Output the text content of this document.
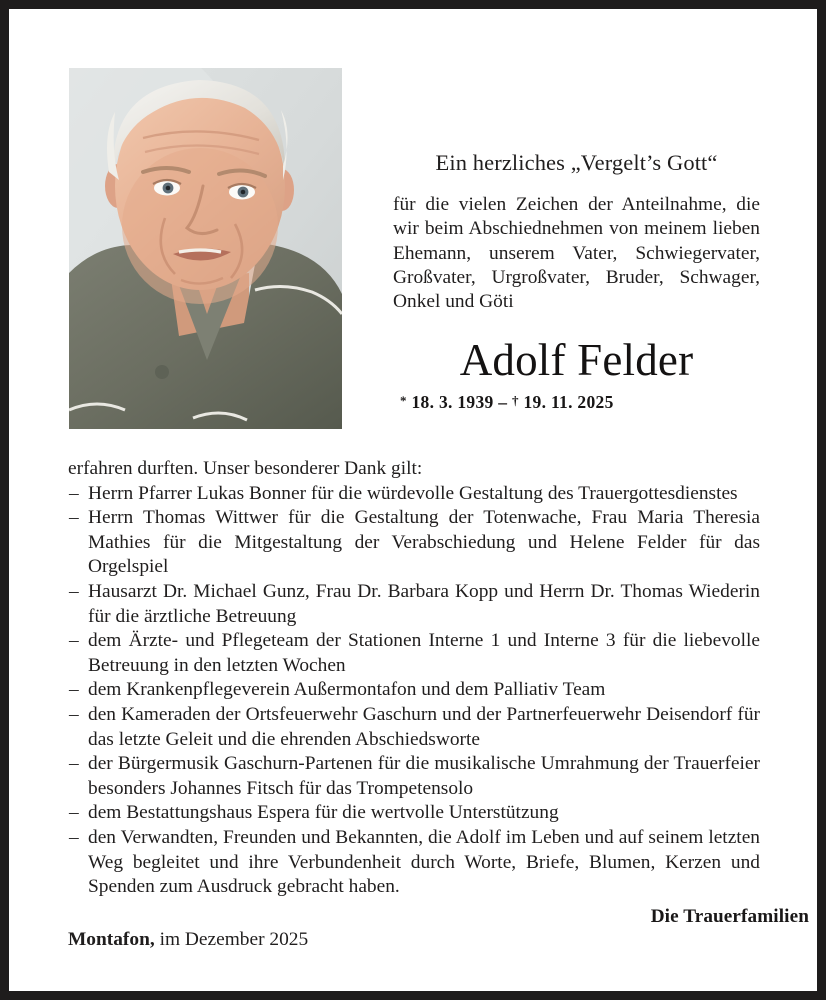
Ein herzliches „Vergelt’s Gott“
für die vielen Zeichen der Anteilnahme, die wir beim Abschiednehmen von meinem lieben Ehemann, unserem Vater, Schwiegervater, Großvater, Urgroßvater, Bruder, Schwager, Onkel und Göti
Adolf Felder
* 18. 3. 1939 – † 19. 11. 2025
erfahren durften. Unser besonderer Dank gilt:
– Herrn Pfarrer Lukas Bonner für die würdevolle Gestaltung des Trauergottesdienstes
– Herrn Thomas Wittwer für die Gestaltung der Totenwache, Frau Maria Theresia Mathies für die Mitgestaltung der Verabschiedung und Helene Felder für das Orgelspiel
– Hausarzt Dr. Michael Gunz, Frau Dr. Barbara Kopp und Herrn Dr. Thomas Wiederin für die ärztliche Betreuung
– dem Ärzte- und Pflegeteam der Stationen Interne 1 und Interne 3 für die liebevolle Betreuung in den letzten Wochen
– dem Krankenpflegeverein Außermontafon und dem Palliativ Team
– den Kameraden der Ortsfeuerwehr Gaschurn und der Partnerfeuerwehr Deisendorf für das letzte Geleit und die ehrenden Abschiedsworte
– der Bürgermusik Gaschurn-Partenen für die musikalische Umrahmung der Trauerfeier besonders Johannes Fitsch für das Trompetensolo
– dem Bestattungshaus Espera für die wertvolle Unterstützung
– den Verwandten, Freunden und Bekannten, die Adolf im Leben und auf seinem letzten Weg begleitet und ihre Verbundenheit durch Worte, Briefe, Blumen, Kerzen und Spenden zum Ausdruck gebracht haben.
Die Trauerfamilien
Montafon, im Dezember 2025
